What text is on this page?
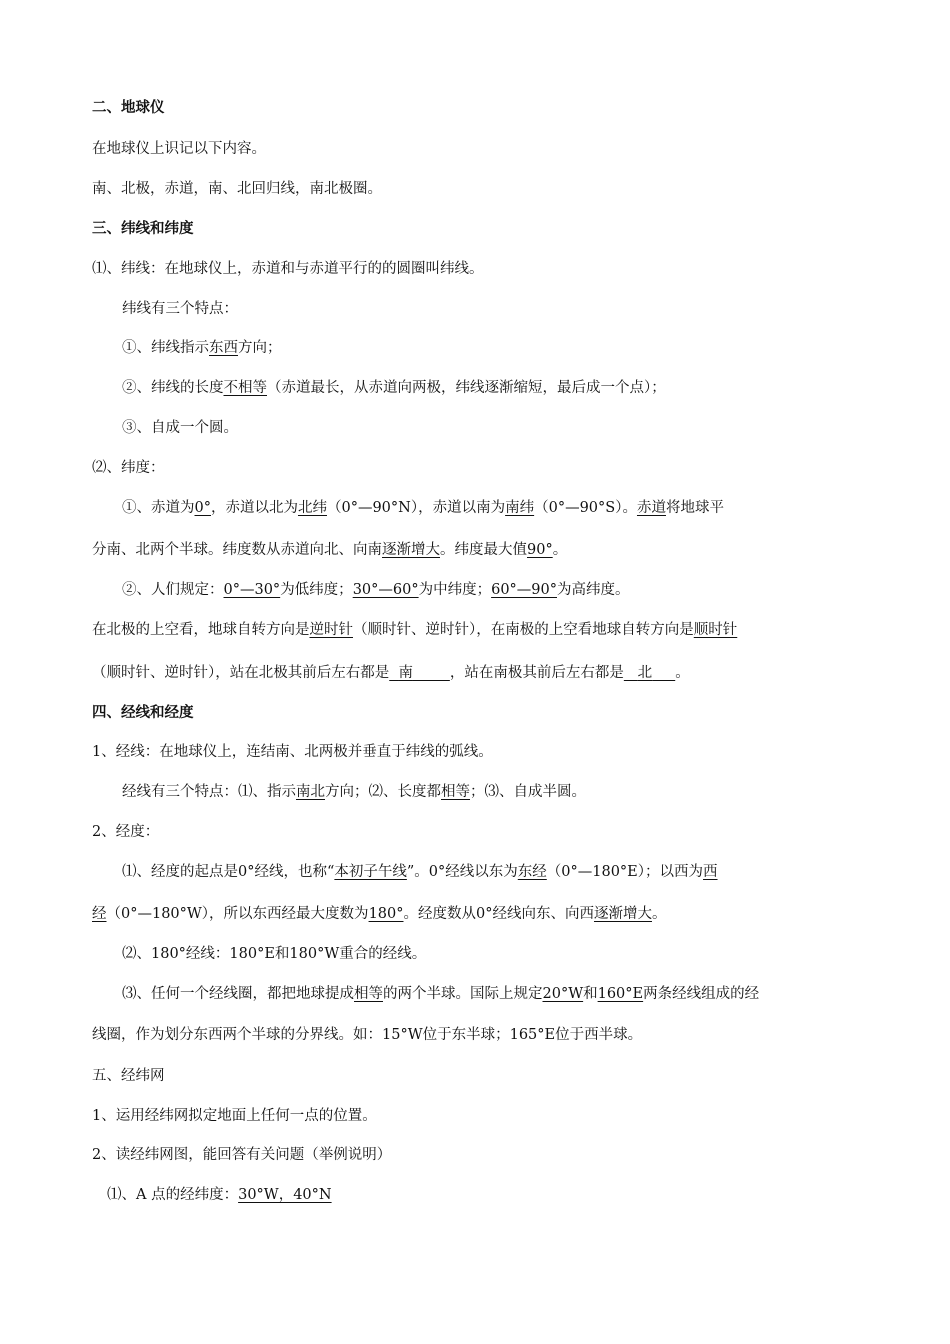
二、地球仪
在地球仪上识记以下内容。
南、北极，赤道，南、北回归线，南北极圈。
三、纬线和纬度
⑴、纬线：在地球仪上，赤道和与赤道平行的的圆圈叫纬线。
纬线有三个特点：
①、纬线指示东西方向；
②、纬线的长度不相等（赤道最长，从赤道向两极，纬线逐渐缩短，最后成一个点）；
③、自成一个圆。
⑵、纬度：
①、赤道为0°，赤道以北为北纬（0°—90°N），赤道以南为南纬（0°—90°S）。赤道将地球平
分南、北两个半球。纬度数从赤道向北、向南逐渐增大。纬度最大值90°。
②、人们规定：0°—30°为低纬度；30°—60°为中纬度；60°—90°为高纬度。
在北极的上空看，地球自转方向是逆时针（顺时针、逆时针），在南极的上空看地球自转方向是顺时针
（顺时针、逆时针），站在北极其前后左右都是 南	，站在南极其前后左右都是 北 。
四、经线和经度
1、经线：在地球仪上，连结南、北两极并垂直于纬线的弧线。
经线有三个特点：⑴、指示南北方向；⑵、长度都相等；⑶、自成半圆。
2、经度：
⑴、经度的起点是0°经线，也称“本初子午线”。0°经线以东为东经（0°—180°E）；以西为西
经（0°—180°W），所以东西经最大度数为180°。经度数从0°经线向东、向西逐渐增大。
⑵、180°经线：180°E和180°W重合的经线。
⑶、任何一个经线圈，都把地球提成相等的两个半球。国际上规定20°W和160°E两条经线组成的经
线圈，作为划分东西两个半球的分界线。如：15°W位于东半球；165°E位于西半球。
五、经纬网
1、运用经纬网拟定地面上任何一点的位置。
2、读经纬网图，能回答有关问题（举例说明）
⑴、A 点的经纬度：30°W，40°N
